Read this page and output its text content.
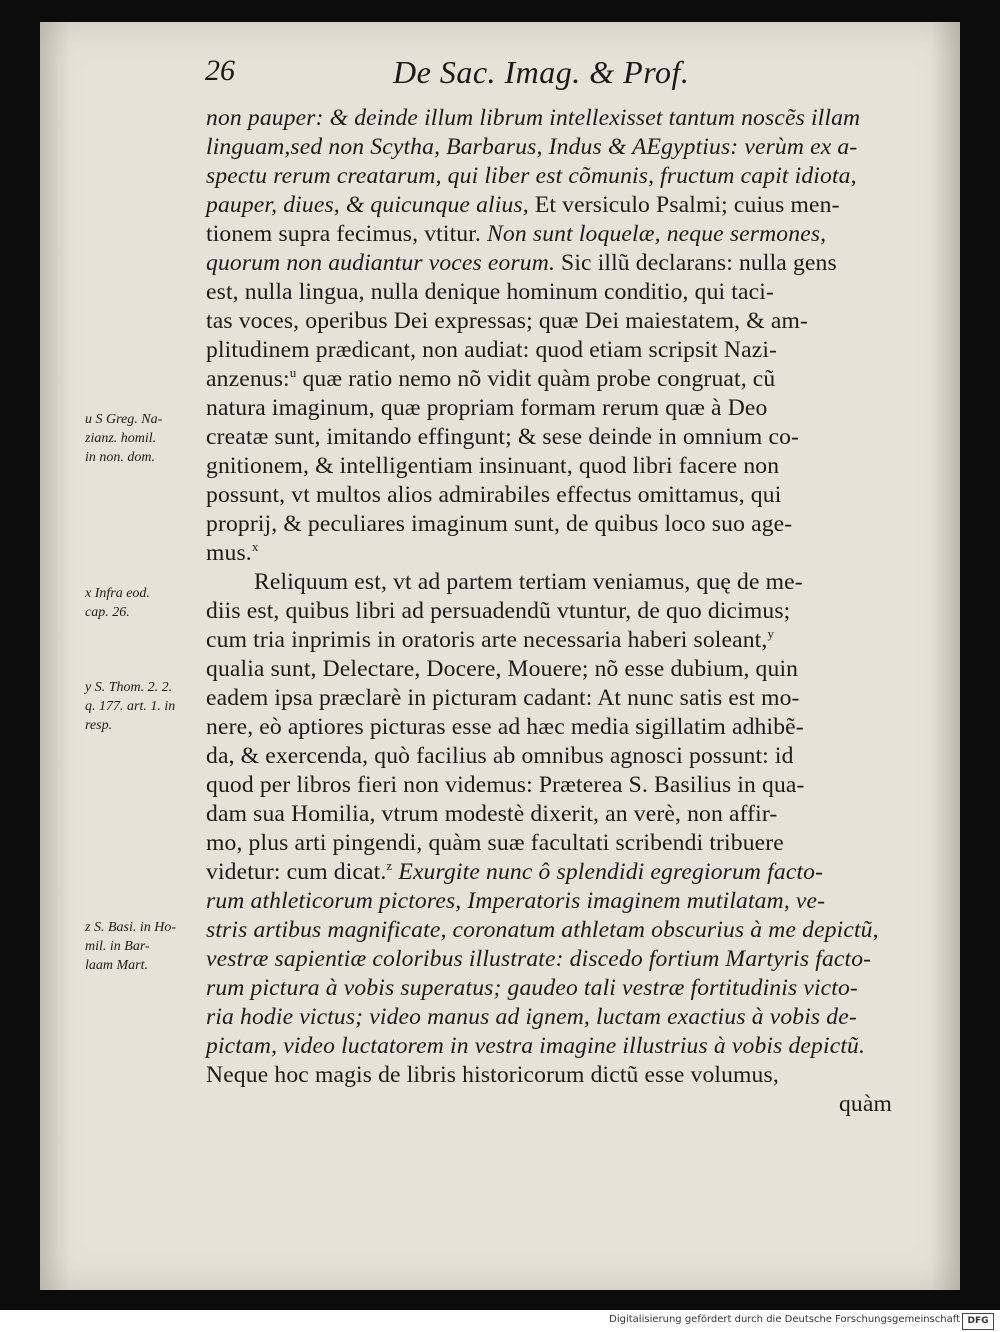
26	De Sac. Imag. & Prof.
non pauper: & deinde illum librum intellexisset tantum noscẽs illam
linguam,sed non Scytha, Barbarus, Indus & AEgyptius: verùm ex a-
spectu rerum creatarum, qui liber est cõmunis, fructum capit idiota,
pauper, diues, & quicunque alius, Et versiculo Psalmi; cuius men-
tionem supra fecimus, vtitur. Non sunt loquelæ, neque sermones,
quorum non audiantur voces eorum. Sic illũ declarans: nulla gens
est, nulla lingua, nulla denique hominum conditio, qui taci-
tas voces, operibus Dei expressas; quæ Dei maiestatem, & am-
plitudinem prædicant, non audiat: quod etiam scripsit Nazi-
anzenus:$^u$ quæ ratio nemo nõ vidit quàm probe congruat, cũ
natura imaginum, quæ propriam formam rerum quæ à Deo
creatæ sunt, imitando effingunt; & sese deinde in omnium co-
gnitionem, & intelligentiam insinuant, quod libri facere non
possunt, vt multos alios admirabiles effectus omittamus, qui
proprij, & peculiares imaginum sunt, de quibus loco suo age-
mus.$^x$
Reliquum est, vt ad partem tertiam veniamus, quę de me-
diis est, quibus libri ad persuadendũ vtuntur, de quo dicimus;
cum tria inprimis in oratoris arte necessaria haberi soleant,$^y$
qualia sunt, Delectare, Docere, Mouere; nõ esse dubium, quin
eadem ipsa præclarè in picturam cadant: At nunc satis est mo-
nere, eò aptiores picturas esse ad hæc media sigillatim adhibẽ-
da, & exercenda, quò facilius ab omnibus agnosci possunt: id
quod per libros fieri non videmus: Præterea S. Basilius in qua-
dam sua Homilia, vtrum modestè dixerit, an verè, non affir-
mo, plus arti pingendi, quàm suæ facultati scribendi tribuere
videtur: cum dicat.$^z$ Exurgite nunc ô splendidi egregiorum facto-
rum athleticorum pictores, Imperatoris imaginem mutilatam, ve-
stris artibus magnificate, coronatum athletam obscurius à me depictũ,
vestræ sapientiæ coloribus illustrate: discedo fortium Martyris facto-
rum pictura à vobis superatus; gaudeo tali vestræ fortitudinis victo-
ria hodie victus; video manus ad ignem, luctam exactius à vobis de-
pictam, video luctatorem in vestra imagine illustrius à vobis depictũ.
Neque hoc magis de libris historicorum dictũ esse volumus,
quàm
u S Greg. Na-
zianz. homil.
in non. dom.
x Infra eod.
cap. 26.
y S. Thom. 2. 2.
q. 177. art. 1. in
resp.
z S. Basi. in Ho-
mil. in Bar-
laam Mart.
Digitalisierung gefördert durch die Deutsche Forschungsgemeinschaft DFG
